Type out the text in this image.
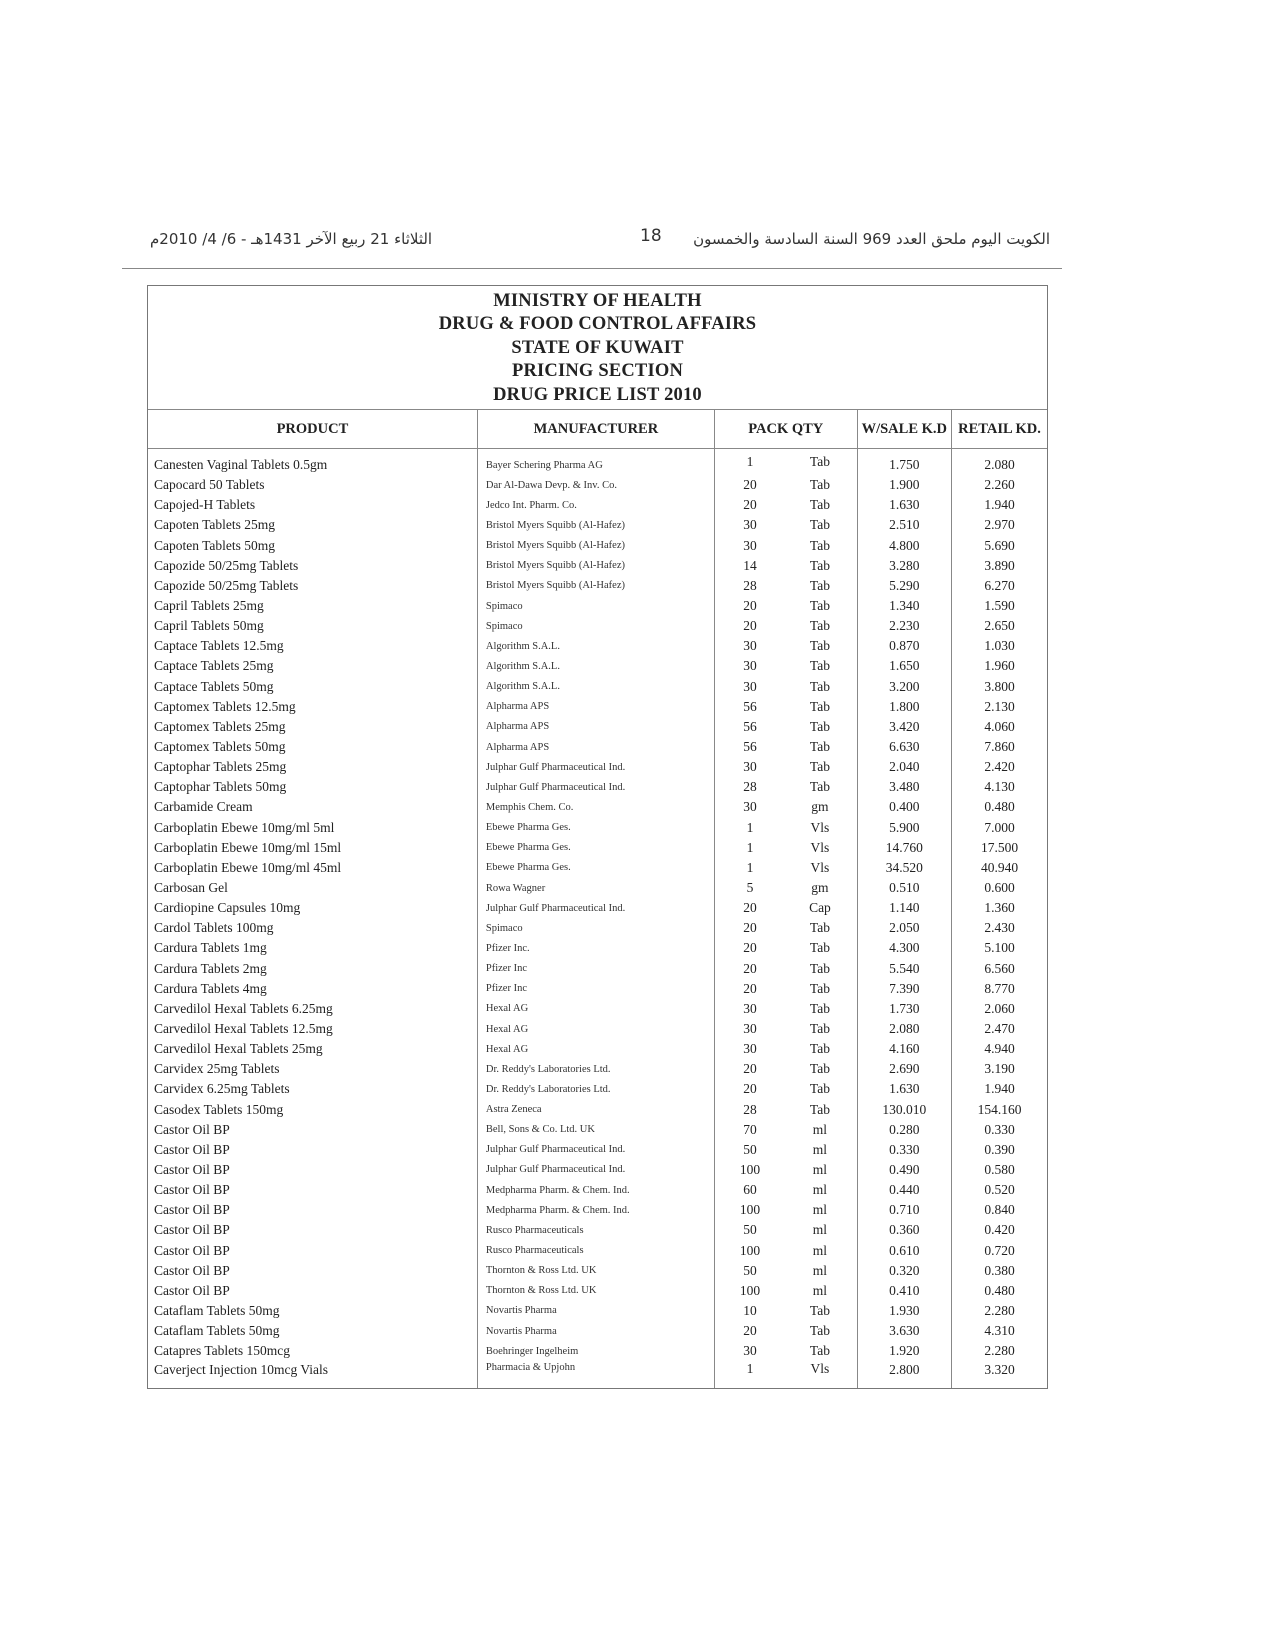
الثلاثاء 21 ربيع الآخر 1431هـ - 6/ 4/ 2010م	18 الكويت اليوم ملحق العدد 969 السنة السادسة والخمسون
MINISTRY OF HEALTH
DRUG & FOOD CONTROL AFFAIRS
STATE OF KUWAIT
PRICING SECTION
DRUG PRICE LIST 2010
PRODUCT	MANUFACTURER	PACK QTY	W/SALE K.D	RETAIL KD.
Canesten Vaginal Tablets 0.5gm	Bayer Schering Pharma AG	1 Tab	1.750	2.080
Capocard 50 Tablets	Dar Al-Dawa Devp. & Inv. Co.	20 Tab	1.900	2.260
Capojed-H Tablets	Jedco Int. Pharm. Co.	20 Tab	1.630	1.940
Capoten Tablets 25mg	Bristol Myers Squibb (Al-Hafez)	30 Tab	2.510	2.970
Capoten Tablets 50mg	Bristol Myers Squibb (Al-Hafez)	30 Tab	4.800	5.690
Capozide 50/25mg Tablets	Bristol Myers Squibb (Al-Hafez)	14 Tab	3.280	3.890
Capozide 50/25mg Tablets	Bristol Myers Squibb (Al-Hafez)	28 Tab	5.290	6.270
Capril Tablets 25mg	Spimaco	20 Tab	1.340	1.590
Capril Tablets 50mg	Spimaco	20 Tab	2.230	2.650
Captace Tablets 12.5mg	Algorithm S.A.L.	30 Tab	0.870	1.030
Captace Tablets 25mg	Algorithm S.A.L.	30 Tab	1.650	1.960
Captace Tablets 50mg	Algorithm S.A.L.	30 Tab	3.200	3.800
Captomex Tablets 12.5mg	Alpharma APS	56 Tab	1.800	2.130
Captomex Tablets 25mg	Alpharma APS	56 Tab	3.420	4.060
Captomex Tablets 50mg	Alpharma APS	56 Tab	6.630	7.860
Captophar Tablets 25mg	Julphar Gulf Pharmaceutical Ind.	30 Tab	2.040	2.420
Captophar Tablets 50mg	Julphar Gulf Pharmaceutical Ind.	28 Tab	3.480	4.130
Carbamide Cream	Memphis Chem. Co.	30 gm	0.400	0.480
Carboplatin Ebewe 10mg/ml 5ml	Ebewe Pharma Ges.	1 Vls	5.900	7.000
Carboplatin Ebewe 10mg/ml 15ml	Ebewe Pharma Ges.	1 Vls	14.760	17.500
Carboplatin Ebewe 10mg/ml 45ml	Ebewe Pharma Ges.	1 Vls	34.520	40.940
Carbosan Gel	Rowa Wagner	5 gm	0.510	0.600
Cardiopine Capsules 10mg	Julphar Gulf Pharmaceutical Ind.	20 Cap	1.140	1.360
Cardol Tablets 100mg	Spimaco	20 Tab	2.050	2.430
Cardura Tablets 1mg	Pfizer Inc.	20 Tab	4.300	5.100
Cardura Tablets 2mg	Pfizer Inc	20 Tab	5.540	6.560
Cardura Tablets 4mg	Pfizer Inc	20 Tab	7.390	8.770
Carvedilol Hexal Tablets 6.25mg	Hexal AG	30 Tab	1.730	2.060
Carvedilol Hexal Tablets 12.5mg	Hexal AG	30 Tab	2.080	2.470
Carvedilol Hexal Tablets 25mg	Hexal AG	30 Tab	4.160	4.940
Carvidex 25mg Tablets	Dr. Reddy's Laboratories Ltd.	20 Tab	2.690	3.190
Carvidex 6.25mg Tablets	Dr. Reddy's Laboratories Ltd.	20 Tab	1.630	1.940
Casodex Tablets 150mg	Astra Zeneca	28 Tab	130.010	154.160
Castor Oil BP	Bell, Sons & Co. Ltd. UK	70 ml	0.280	0.330
Castor Oil BP	Julphar Gulf Pharmaceutical Ind.	50 ml	0.330	0.390
Castor Oil BP	Julphar Gulf Pharmaceutical Ind.	100 ml	0.490	0.580
Castor Oil BP	Medpharma Pharm. & Chem. Ind.	60 ml	0.440	0.520
Castor Oil BP	Medpharma Pharm. & Chem. Ind.	100 ml	0.710	0.840
Castor Oil BP	Rusco Pharmaceuticals	50 ml	0.360	0.420
Castor Oil BP	Rusco Pharmaceuticals	100 ml	0.610	0.720
Castor Oil BP	Thornton & Ross Ltd. UK	50 ml	0.320	0.380
Castor Oil BP	Thornton & Ross Ltd. UK	100 ml	0.410	0.480
Cataflam Tablets 50mg	Novartis Pharma	10 Tab	1.930	2.280
Cataflam Tablets 50mg	Novartis Pharma	20 Tab	3.630	4.310
Catapres Tablets 150mcg	Boehringer Ingelheim	30 Tab	1.920	2.280
Caverject Injection 10mcg Vials	Pharmacia & Upjohn	1 Vls	2.800	3.320
